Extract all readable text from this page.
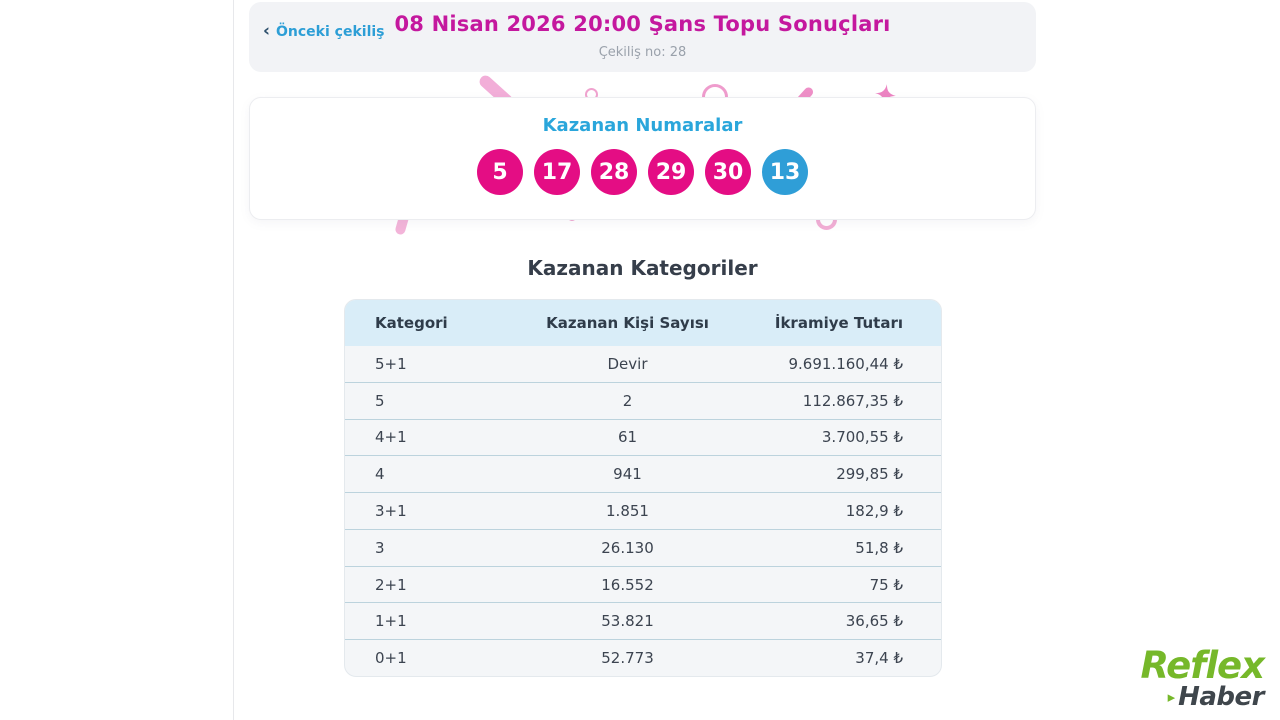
‹ Önceki çekiliş 08 Nisan 2026 20:00 Şans Topu Sonuçları
Çekiliş no: 28
Kazanan Numaralar
5	17	28	29	30	13
Kazanan Kategoriler
Kategori	Kazanan Kişi Sayısı	İkramiye Tutarı
5+1	Devir	9.691.160,44 ₺
5	2	112.867,35 ₺
4+1	61	3.700,55 ₺
4	941	299,85 ₺
3+1	1.851	182,9 ₺
3	26.130	51,8 ₺
2+1	16.552	75 ₺
1+1	53.821	36,65 ₺
0+1	52.773	37,4 ₺	Reflex
▸ Haber
